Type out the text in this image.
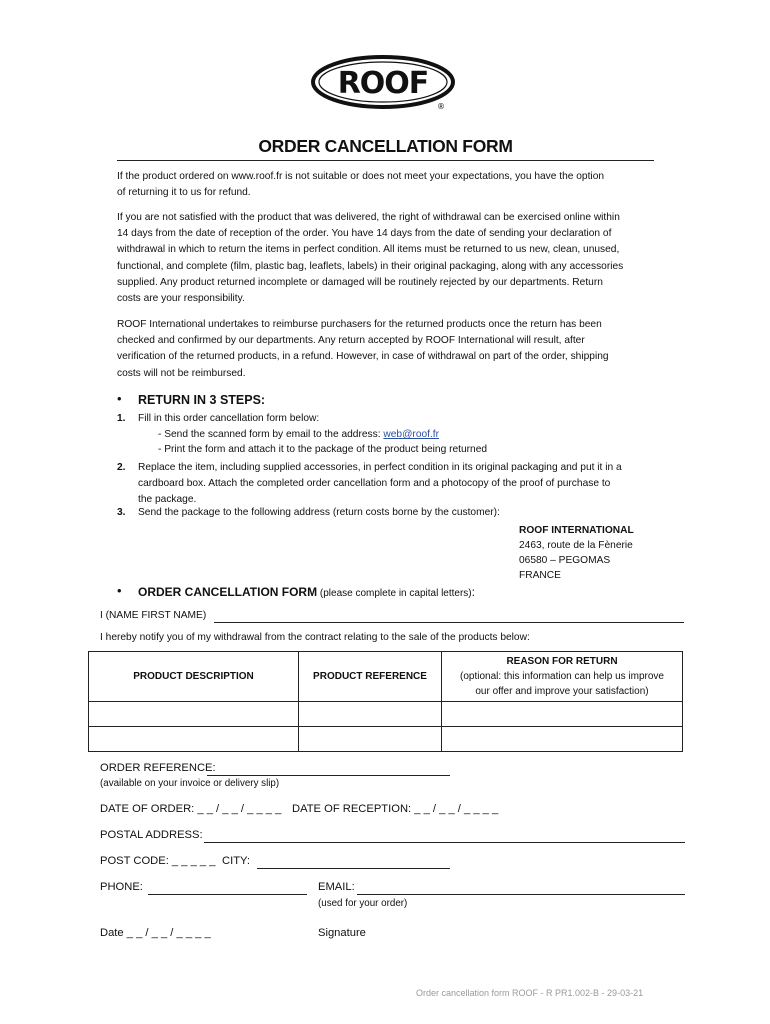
ROOF
®
ORDER CANCELLATION FORM
If the product ordered on www.roof.fr is not suitable or does not meet your expectations, you have the option
of returning it to us for refund.
If you are not satisfied with the product that was delivered, the right of withdrawal can be exercised online within
14 days from the date of reception of the order. You have 14 days from the date of sending your declaration of
withdrawal in which to return the items in perfect condition. All items must be returned to us new, clean, unused,
functional, and complete (film, plastic bag, leaflets, labels) in their original packaging, along with any accessories
supplied. Any product returned incomplete or damaged will be routinely rejected by our departments. Return
costs are your responsibility.
ROOF International undertakes to reimburse purchasers for the returned products once the return has been
checked and confirmed by our departments. Any return accepted by ROOF International will result, after
verification of the returned products, in a refund. However, in case of withdrawal on part of the order, shipping
costs will not be reimbursed.
• RETURN IN 3 STEPS:
1. Fill in this order cancellation form below:
- Send the scanned form by email to the address: web@roof.fr
- Print the form and attach it to the package of the product being returned
2. Replace the item, including supplied accessories, in perfect condition in its original packaging and put it in a
cardboard box. Attach the completed order cancellation form and a photocopy of the proof of purchase to
the package.
3. Send the package to the following address (return costs borne by the customer):
ROOF INTERNATIONAL
2463, route de la Fènerie
06580 – PEGOMAS
FRANCE
• ORDER CANCELLATION FORM (please complete in capital letters):
I (NAME FIRST NAME)
I hereby notify you of my withdrawal from the contract relating to the sale of the products below:
PRODUCT DESCRIPTION	PRODUCT REFERENCE	REASON FOR RETURN
(optional: this information can help us improve
our offer and improve your satisfaction)

ORDER REFERENCE:
(available on your invoice or delivery slip)
DATE OF ORDER: _ _ / _ _ / _ _ _ _ DATE OF RECEPTION: _ _ / _ _ / _ _ _ _
POSTAL ADDRESS:
POST CODE: _ _ _ _ _ CITY:
PHONE:	EMAIL:
(used for your order)
Date _ _ / _ _ / _ _ _ _	Signature
Order cancellation form ROOF - R PR1.002-B - 29-03-21
